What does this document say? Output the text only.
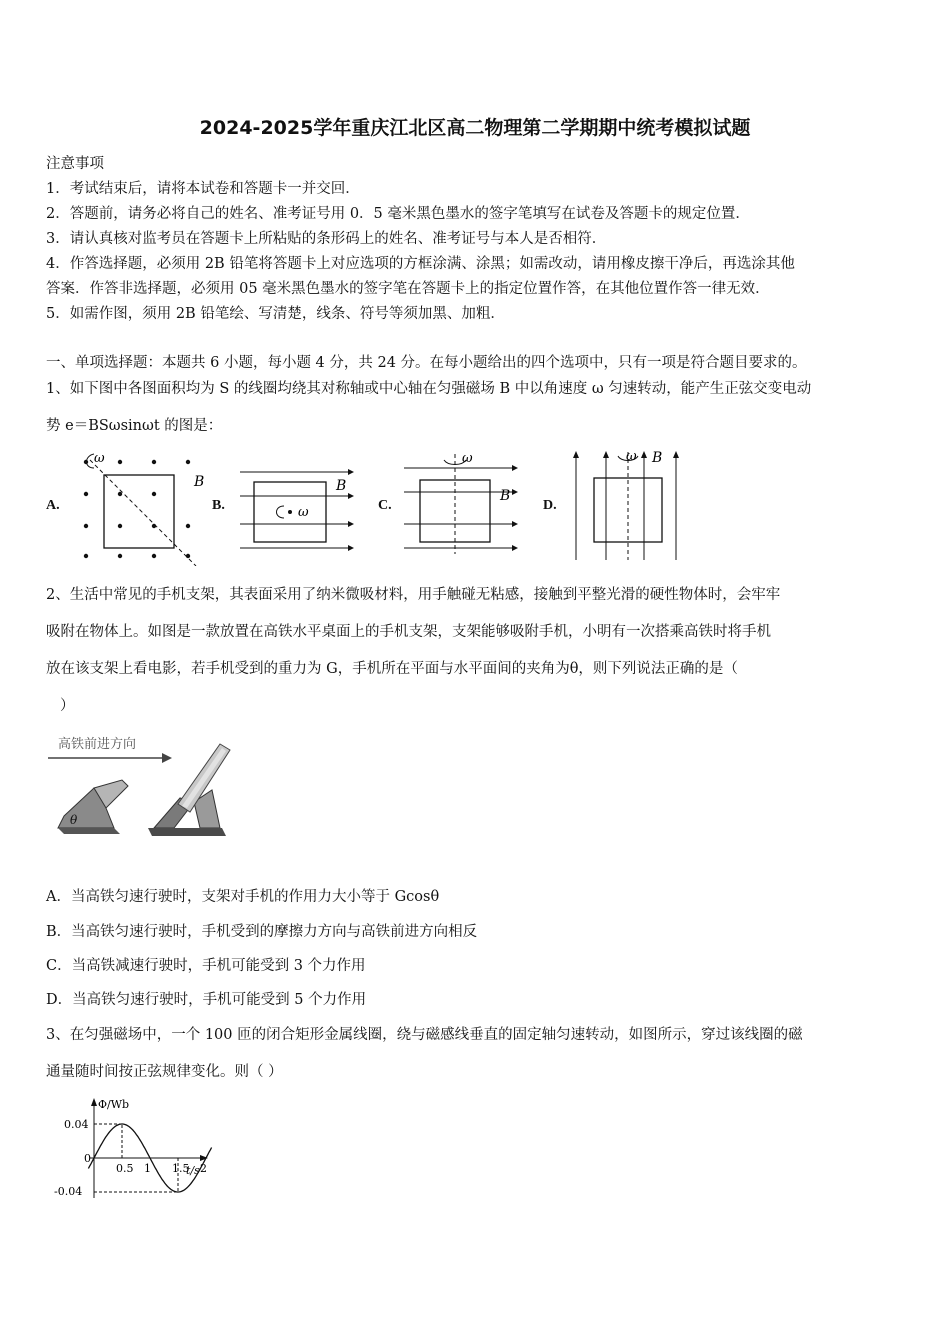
2024-2025学年重庆江北区高二物理第二学期期中统考模拟试题
注意事项
1．考试结束后，请将本试卷和答题卡一并交回．
2．答题前，请务必将自己的姓名、准考证号用 0．5 毫米黑色墨水的签字笔填写在试卷及答题卡的规定位置．
3．请认真核对监考员在答题卡上所粘贴的条形码上的姓名、准考证号与本人是否相符．
4．作答选择题，必须用 2B 铅笔将答题卡上对应选项的方框涂满、涂黑；如需改动，请用橡皮擦干净后，再选涂其他
答案．作答非选择题，必须用 05 毫米黑色墨水的签字笔在答题卡上的指定位置作答，在其他位置作答一律无效．
5．如需作图，须用 2B 铅笔绘、写清楚，线条、符号等须加黑、加粗．
一、单项选择题：本题共 6 小题，每小题 4 分，共 24 分。在每小题给出的四个选项中，只有一项是符合题目要求的。
1、如下图中各图面积均为 S 的线圈均绕其对称轴或中心轴在匀强磁场 B 中以角速度 ω 匀速转动，能产生正弦交变电动
势 e＝BSωsinωt 的图是：
A.
ω
B
B.	ω
B
C.
ω
B
D.
ω B
2、生活中常见的手机支架，其表面采用了纳米微吸材料，用手触碰无粘感，接触到平整光滑的硬性物体时，会牢牢
吸附在物体上。如图是一款放置在高铁水平桌面上的手机支架，支架能够吸附手机，小明有一次搭乘高铁时将手机
放在该支架上看电影，若手机受到的重力为 G，手机所在平面与水平面间的夹角为θ，则下列说法正确的是（
）
高铁前进方向
θ
A．当高铁匀速行驶时，支架对手机的作用力大小等于 Gcosθ
B．当高铁匀速行驶时，手机受到的摩擦力方向与高铁前进方向相反
C．当高铁减速行驶时，手机可能受到 3 个力作用
D．当高铁匀速行驶时，手机可能受到 5 个力作用
3、在匀强磁场中，一个 100 匝的闭合矩形金属线圈，绕与磁感线垂直的固定轴匀速转动，如图所示，穿过该线圈的磁
通量随时间按正弦规律变化。则（ ）
Φ/Wb
t/s
0.04
0
-0.04
0.5 1 1.5 2
